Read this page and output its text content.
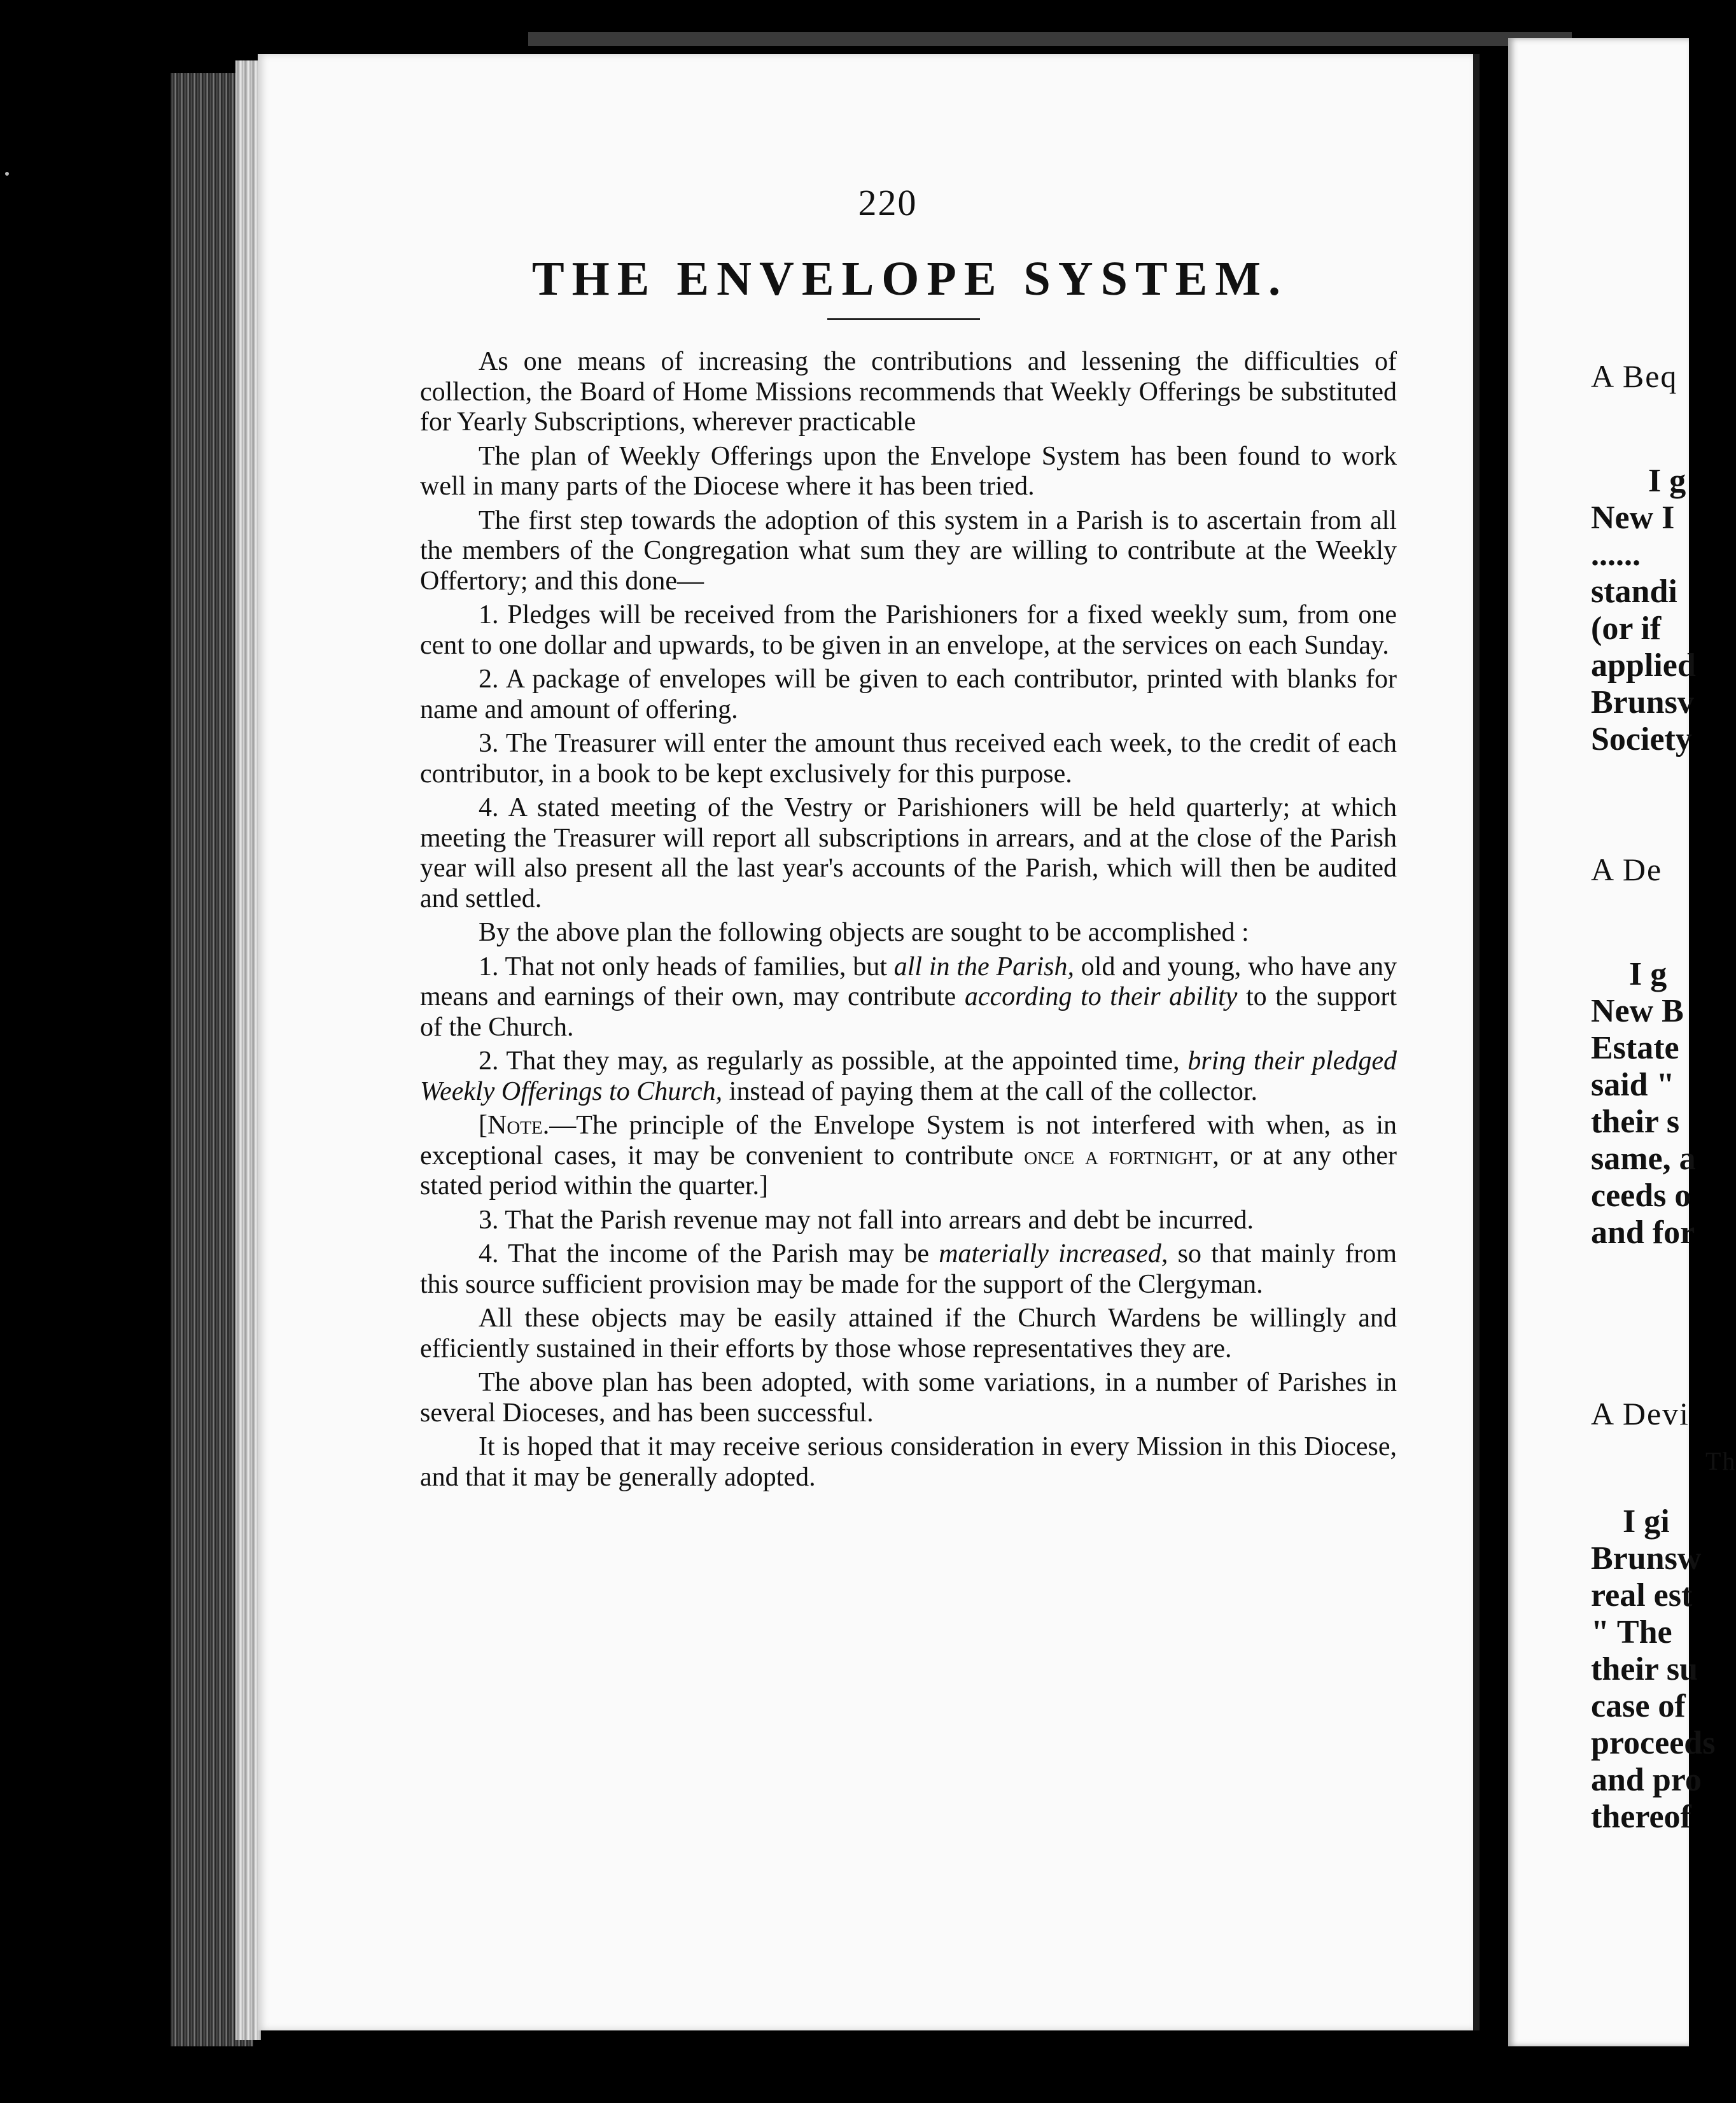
220
THE ENVELOPE SYSTEM.

As one means of increasing the contributions and lessening the difficulties of collection, the Board of Home Missions recommends that Weekly Offerings be substituted for Yearly Subscriptions, wherever practicable

The plan of Weekly Offerings upon the Envelope System has been found to work well in many parts of the Diocese where it has been tried.

The first step towards the adoption of this system in a Parish is to ascertain from all the members of the Congregation what sum they are willing to contribute at the Weekly Offertory; and this done—

1. Pledges will be received from the Parishioners for a fixed weekly sum, from one cent to one dollar and upwards, to be given in an envelope, at the services on each Sunday.

2. A package of envelopes will be given to each contributor, printed with blanks for name and amount of offering.

3. The Treasurer will enter the amount thus received each week, to the credit of each contributor, in a book to be kept exclusively for this purpose.

4. A stated meeting of the Vestry or Parishioners will be held quarterly; at which meeting the Treasurer will report all subscriptions in arrears, and at the close of the Parish year will also present all the last year's accounts of the Parish, which will then be audited and settled.

By the above plan the following objects are sought to be accomplished :

1. That not only heads of families, but all in the Parish, old and young, who have any means and earnings of their own, may contribute according to their ability to the support of the Church.

2. That they may, as regularly as possible, at the appointed time, bring their pledged Weekly Offerings to Church, instead of paying them at the call of the collector.

[Note.—The principle of the Envelope System is not interfered with when, as in exceptional cases, it may be convenient to contribute once a fortnight, or at any other stated period within the quarter.]

3. That the Parish revenue may not fall into arrears and debt be incurred.

4. That the income of the Parish may be materially increased, so that mainly from this source sufficient provision may be made for the support of the Clergyman.

All these objects may be easily attained if the Church Wardens be willingly and efficiently sustained in their efforts by those whose representatives they are.

The above plan has been adopted, with some variations, in a number of Parishes in several Dioceses, and has been successful.

It is hoped that it may receive serious consideration in every Mission in this Diocese, and that it may be generally adopted.

A Beq
I g
New I
......
standi
(or if
applied
Brunsv
Society
A De
I g
New B
Estate
said "
their s
same, a
ceeds o
and for
A Devi
Th
I gi
Brunsw
real est
" The
their su
case of
proceeds
and pro
thereof
